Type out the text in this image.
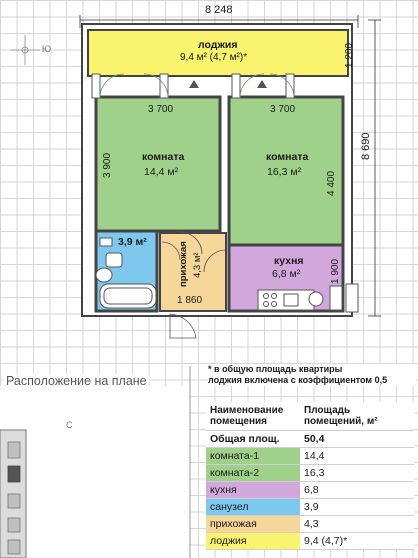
8 248
8 690
1 200
3 700	3 700
3 900
4 400
1 900
1 860
лоджия
9,4 м² (4,7 м²)*
комната
14,4 м²
комната
16,3 м²
кухня
6,8 м²
3,9 м²	прихожая 4,3 м²
Ю
С
Расположение на плане
* в общую площадь квартиры
лоджия включена с коэффициентом 0,5
Наименование помещения	Площадь помещений, м²
Общая площ.	50,4
комната-1	14,4
комната-2	16,3
кухня	6,8
санузел	3,9
прихожая	4,3
лоджия	9,4 (4,7)*
